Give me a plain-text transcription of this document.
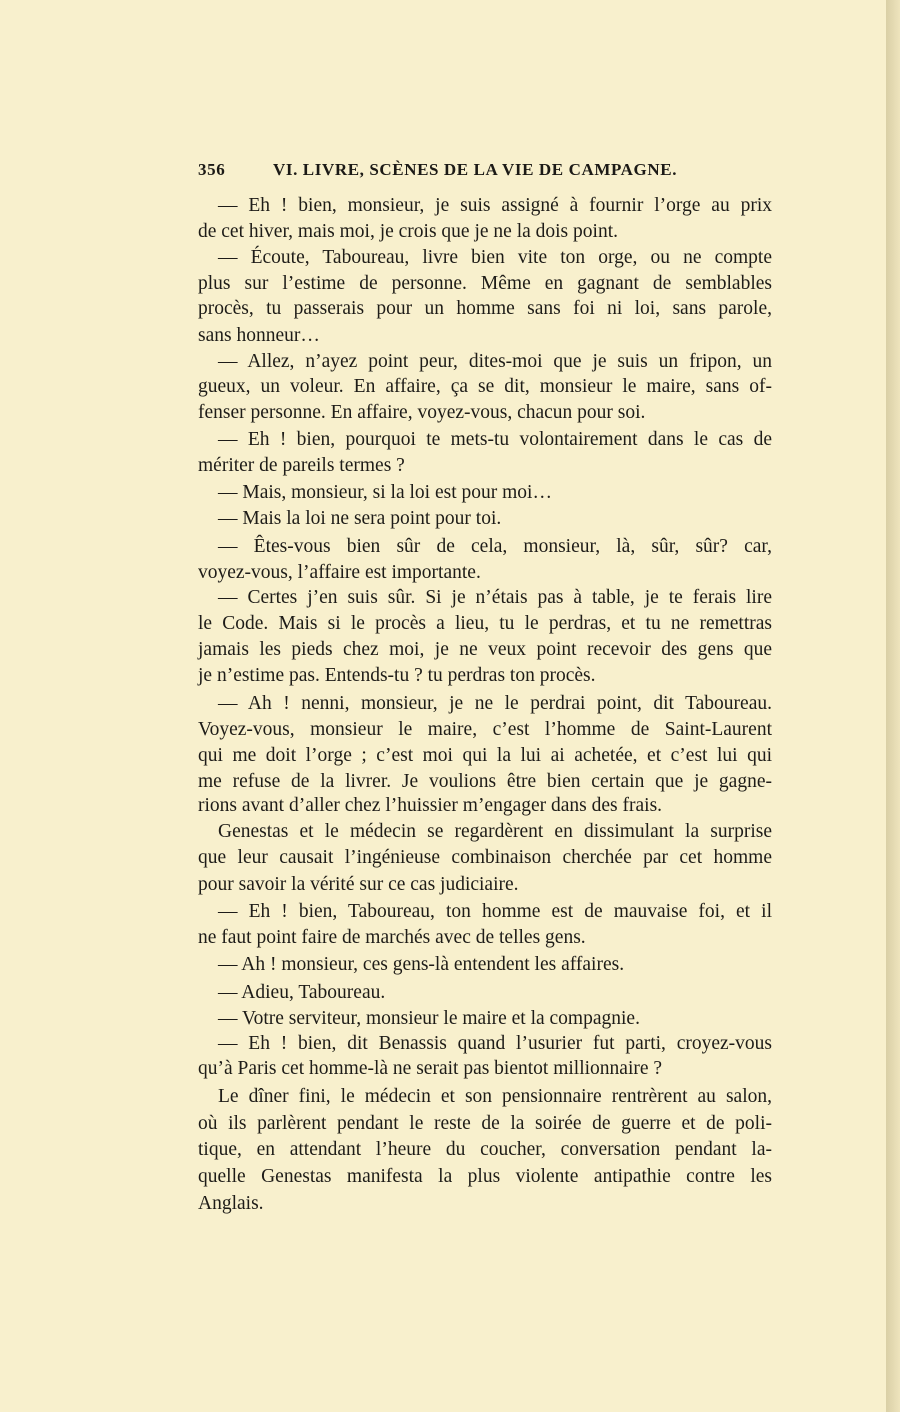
356	VI. LIVRE, SCÈNES DE LA VIE DE CAMPAGNE.
— Eh ! bien, monsieur, je suis assigné à fournir l’orge au prix
de cet hiver, mais moi, je crois que je ne la dois point.
— Écoute, Taboureau, livre bien vite ton orge, ou ne compte
plus sur l’estime de personne. Même en gagnant de semblables
procès, tu passerais pour un homme sans foi ni loi, sans parole,
sans honneur…
— Allez, n’ayez point peur, dites-moi que je suis un fripon, un
gueux, un voleur. En affaire, ça se dit, monsieur le maire, sans of-
fenser personne. En affaire, voyez-vous, chacun pour soi.
— Eh ! bien, pourquoi te mets-tu volontairement dans le cas de
mériter de pareils termes ?
— Mais, monsieur, si la loi est pour moi…
— Mais la loi ne sera point pour toi.
— Êtes-vous bien sûr de cela, monsieur, là, sûr, sûr? car,
voyez-vous, l’affaire est importante.
— Certes j’en suis sûr. Si je n’étais pas à table, je te ferais lire
le Code. Mais si le procès a lieu, tu le perdras, et tu ne remettras
jamais les pieds chez moi, je ne veux point recevoir des gens que
je n’estime pas. Entends-tu ? tu perdras ton procès.
— Ah ! nenni, monsieur, je ne le perdrai point, dit Taboureau.
Voyez-vous, monsieur le maire, c’est l’homme de Saint-Laurent
qui me doit l’orge ; c’est moi qui la lui ai achetée, et c’est lui qui
me refuse de la livrer. Je voulions être bien certain que je gagne-
rions avant d’aller chez l’huissier m’engager dans des frais.
Genestas et le médecin se regardèrent en dissimulant la surprise
que leur causait l’ingénieuse combinaison cherchée par cet homme
pour savoir la vérité sur ce cas judiciaire.
— Eh ! bien, Taboureau, ton homme est de mauvaise foi, et il
ne faut point faire de marchés avec de telles gens.
— Ah ! monsieur, ces gens-là entendent les affaires.
— Adieu, Taboureau.
— Votre serviteur, monsieur le maire et la compagnie.
— Eh ! bien, dit Benassis quand l’usurier fut parti, croyez-vous
qu’à Paris cet homme-là ne serait pas bientot millionnaire ?
Le dîner fini, le médecin et son pensionnaire rentrèrent au salon,
où ils parlèrent pendant le reste de la soirée de guerre et de poli-
tique, en attendant l’heure du coucher, conversation pendant la-
quelle Genestas manifesta la plus violente antipathie contre les
Anglais.
